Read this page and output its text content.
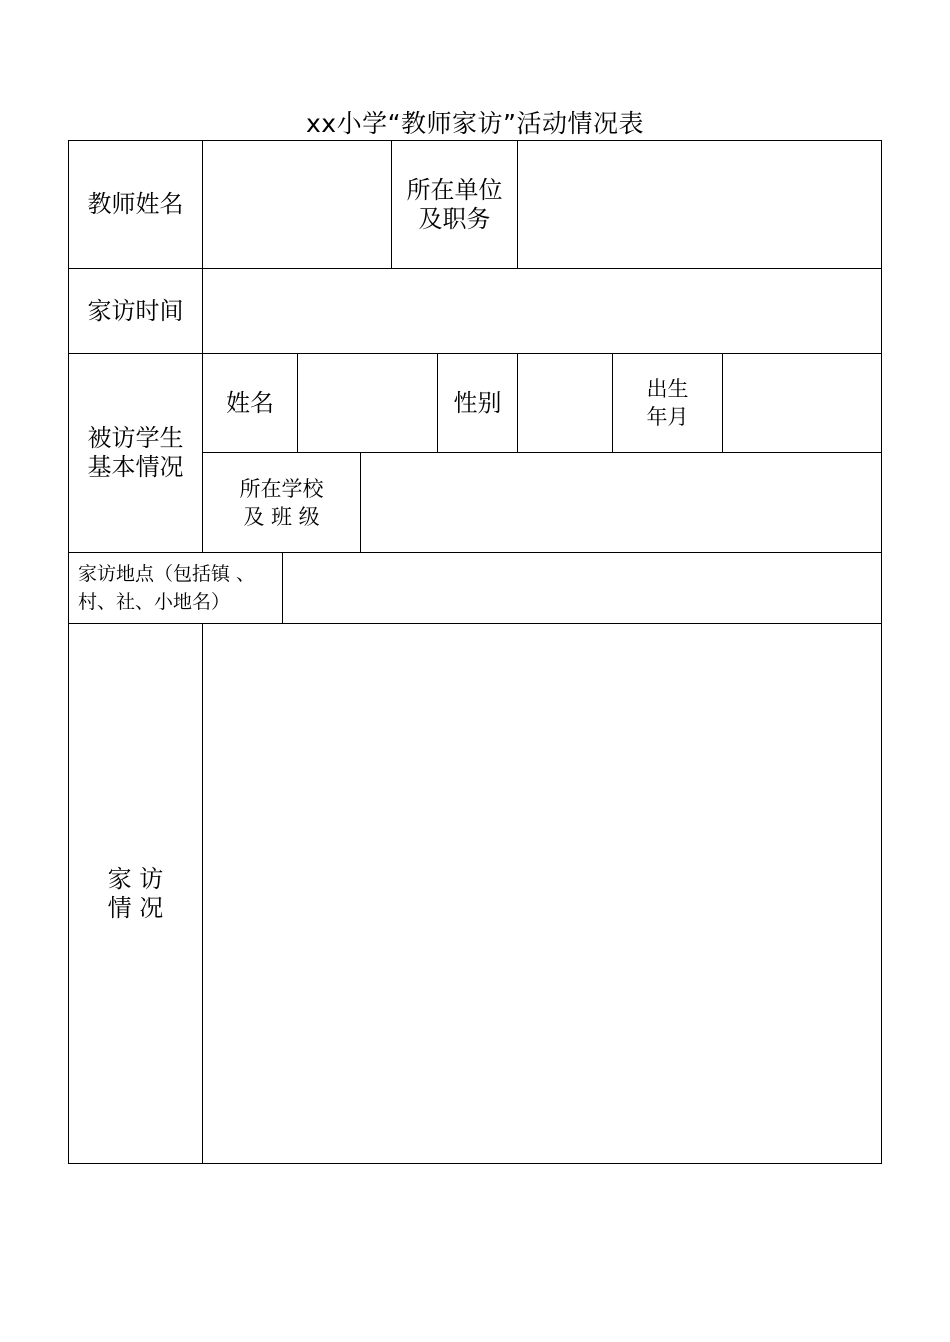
xx小学“教师家访”活动情况表
教师姓名
所在单位
及职务
家访时间
被访学生
基本情况
姓名	性别	出生
年月
所在学校
及 班 级
家访地点（包括镇 、
村、社、小地名）
家 访
情 况
